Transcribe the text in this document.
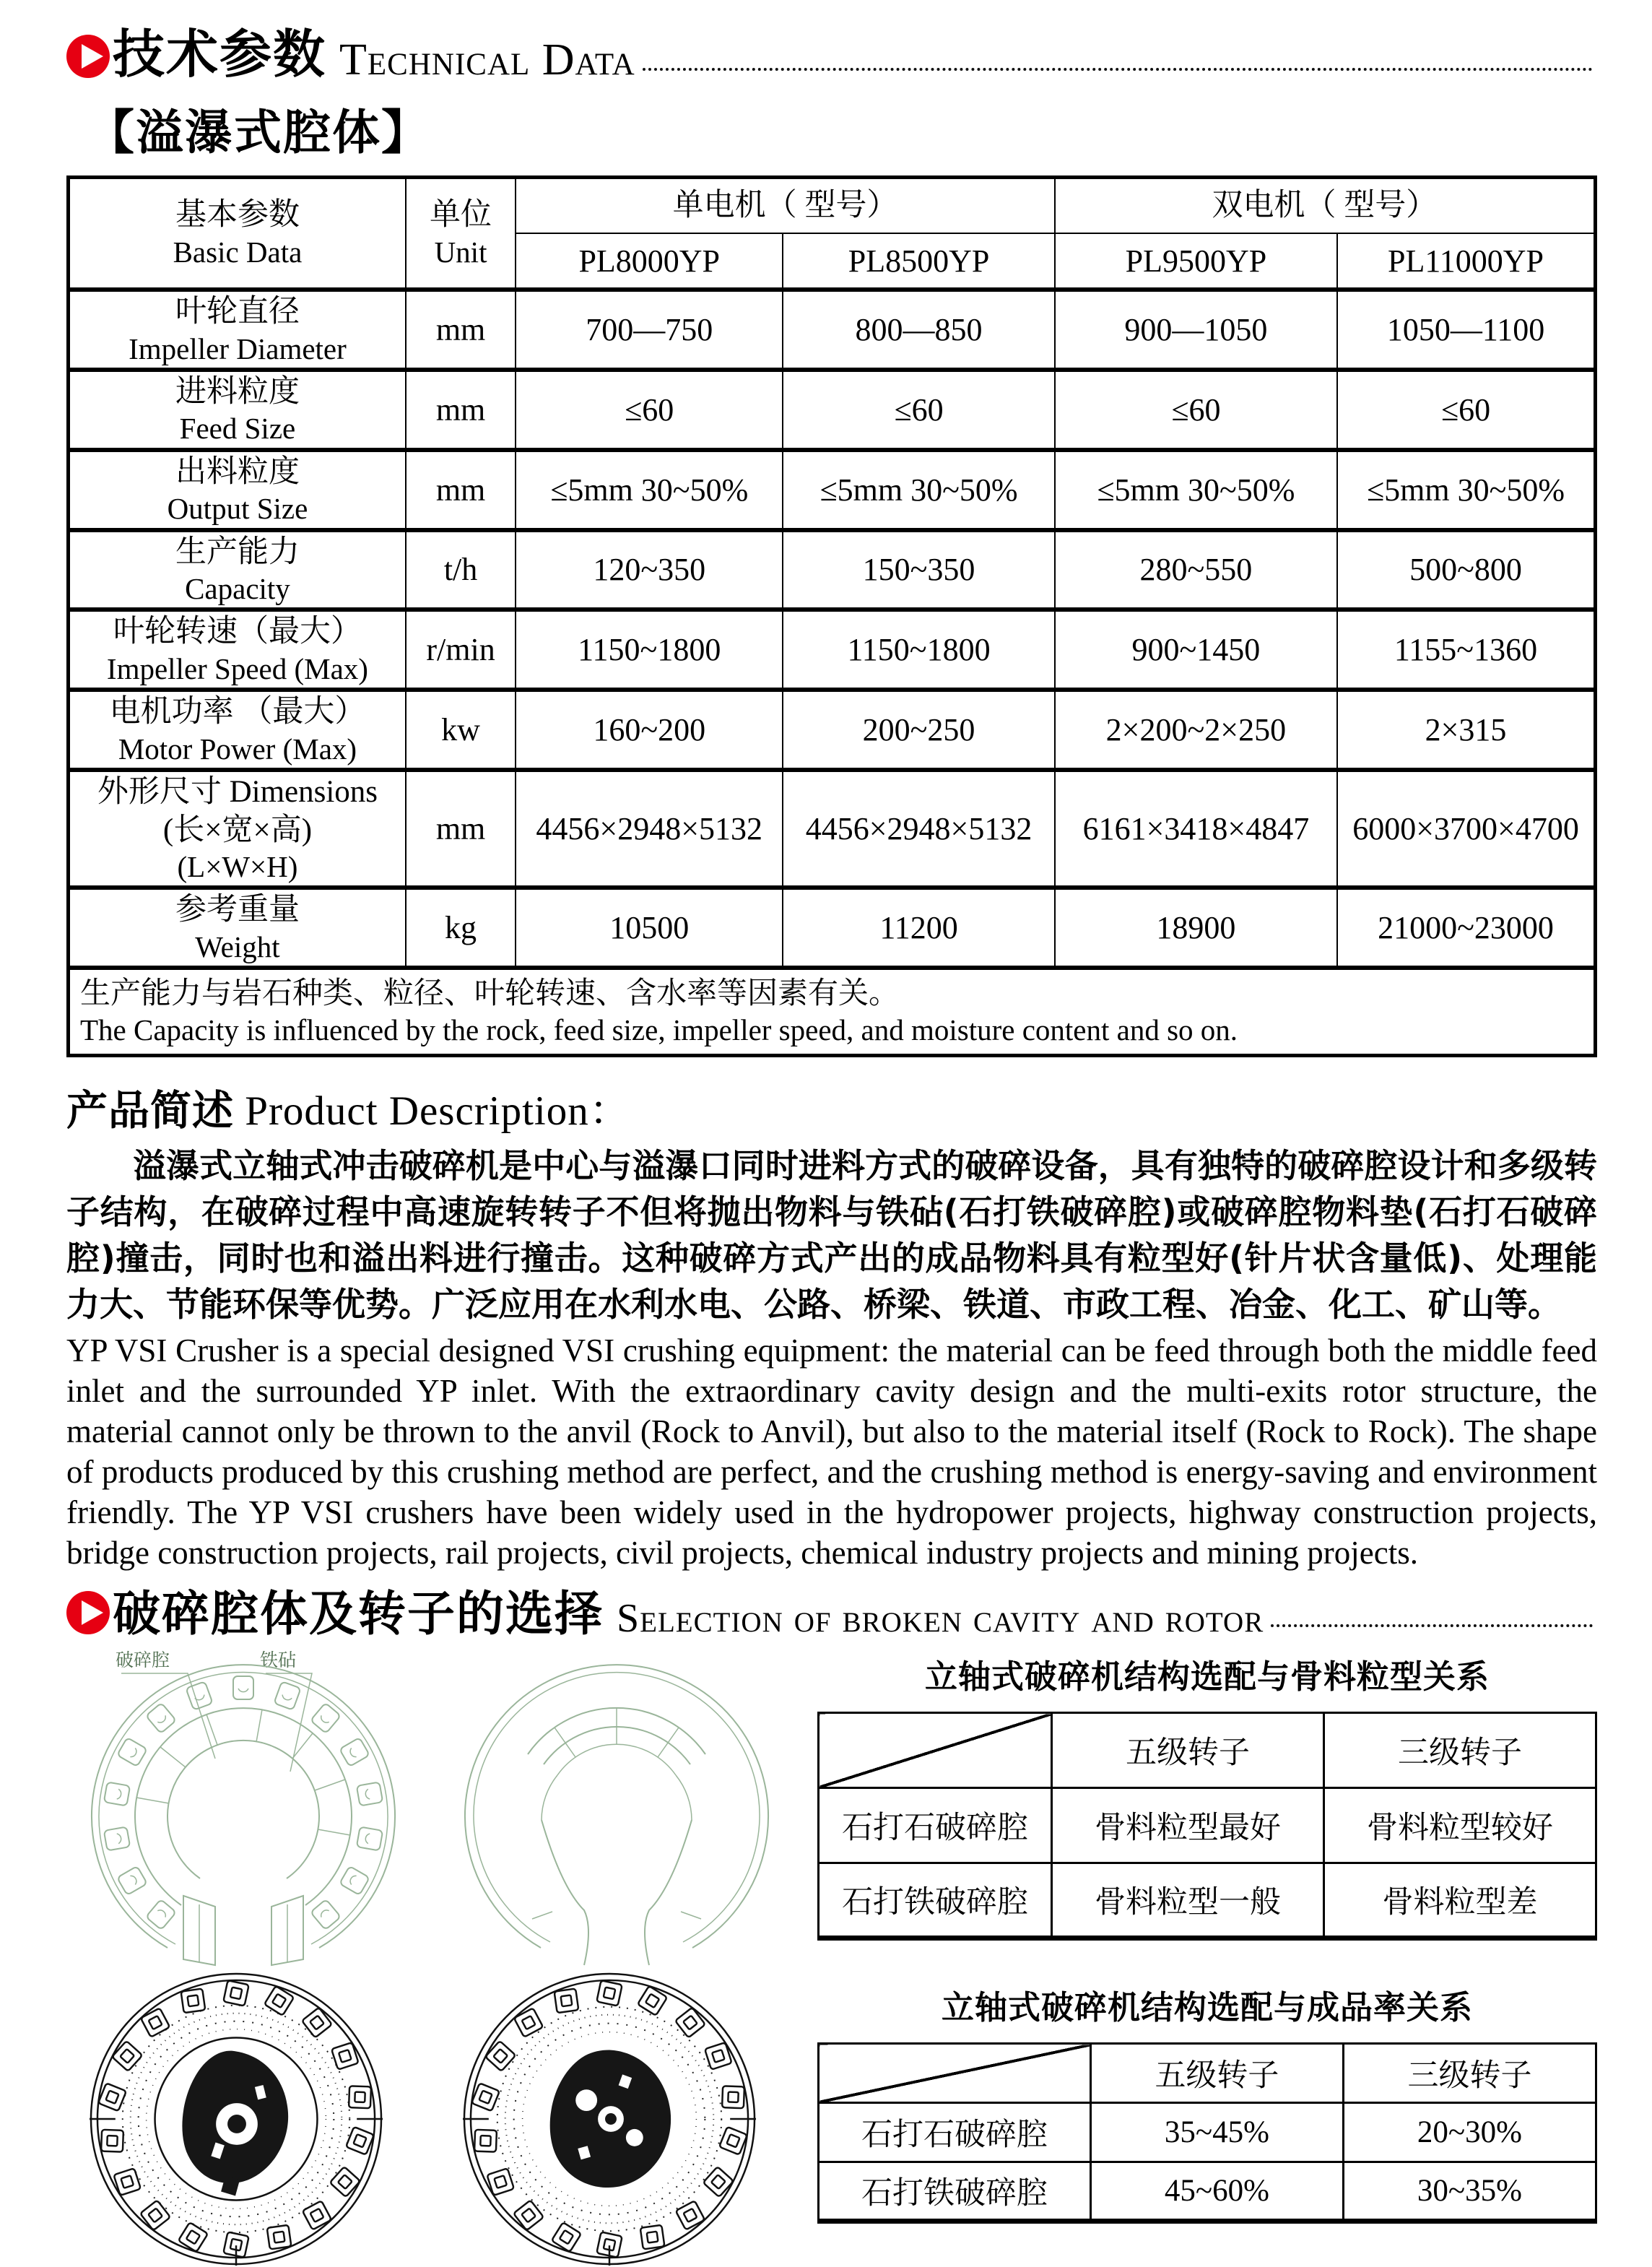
技术参数 Technical Data
【溢瀑式腔体】
基本参数
Basic Data

单位
Unit
	单电机（ 型号）	双电机（ 型号）
		PL8000YP	PL8500YP	PL9500YP	PL11000YP

叶轮直径
Impeller Diameter	mm	700—750	800—850	900—1050	1050—1100

进料粒度
Feed Size	mm	≤60	≤60	≤60	≤60

出料粒度
Output Size	mm	≤5mm 30~50%	≤5mm 30~50%	≤5mm 30~50%	≤5mm 30~50%

生产能力
Capacity	t/h	120~350	150~350	280~550	500~800

叶轮转速（最大）
Impeller Speed (Max)	r/min	1150~1800	1150~1800	900~1450	1155~1360

电机功率 （最大）
Motor Power (Max)	kw	160~200	200~250	2×200~2×250	2×315

外形尺寸 Dimensions
(长×宽×高)
(L×W×H)	mm	4456×2948×5132	4456×2948×5132	6161×3418×4847	6000×3700×4700

参考重量
Weight	kg	10500	11200	18900	21000~23000

生产能力与岩石种类、粒径、叶轮转速、含水率等因素有关。
The Capacity is influenced by the rock, feed size, impeller speed, and moisture content and so on.					
产品简述 Product Description：
溢瀑式立轴式冲击破碎机是中心与溢瀑口同时进料方式的破碎设备，具有独特的破碎腔设计和多级转子结构，在破碎过程中高速旋转转子不但将抛出物料与铁砧(石打铁破碎腔)或破碎腔物料垫(石打石破碎腔)撞击，同时也和溢出料进行撞击。这种破碎方式产出的成品物料具有粒型好(针片状含量低)、处理能力大、节能环保等优势。广泛应用在水利水电、公路、桥梁、铁道、市政工程、冶金、化工、矿山等。
YP VSI Crusher is a special designed VSI crushing equipment: the material can be feed through both the middle feed inlet and the surrounded YP inlet. With the extraordinary cavity design and the multi-exits rotor structure, the material cannot only be thrown to the anvil (Rock to Anvil), but also to the material itself (Rock to Rock). The shape of products produced by this crushing method are perfect, and the crushing method is energy-saving and environment friendly. The YP VSI crushers have been widely used in the hydropower projects, highway construction projects, bridge construction projects, rail projects, civil projects, chemical industry projects and mining projects.
破碎腔体及转子的选择 Selection of broken cavity and rotor
破碎腔	铁砧	立轴式破碎机结构选配与骨料粒型关系
	五级转子	三级转子
石打石破碎腔	骨料粒型最好	骨料粒型较好
石打铁破碎腔	骨料粒型一般	骨料粒型差
立轴式破碎机结构选配与成品率关系
	五级转子	三级转子
石打石破碎腔	35~45%	20~30%
石打铁破碎腔	45~60%	30~35%
